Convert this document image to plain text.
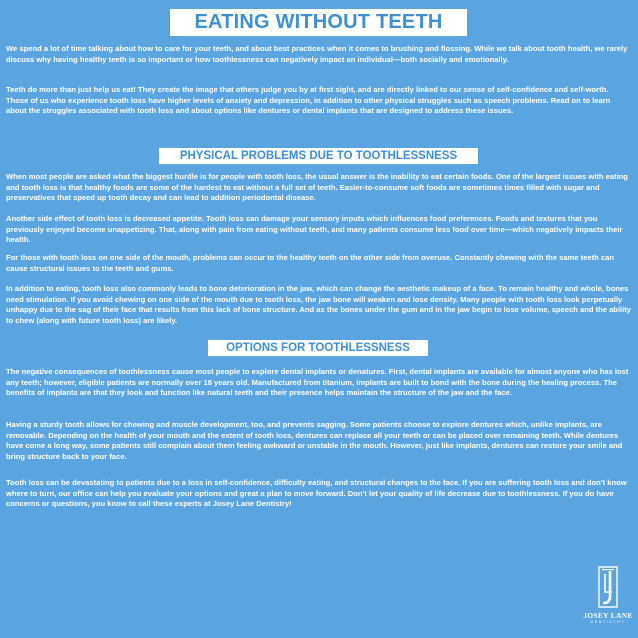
EATING WITHOUT TEETH

We spend a lot of time talking about how to care for your teeth, and about best practices when it comes to brushing and flossing. While we talk about tooth health, we rarely discuss why having healthy teeth is so important or how toothlessness can negatively impact an individual—both socially and emotionally.

Teeth do more than just help us eat! They create the image that others judge you by at first sight, and are directly linked to our sense of self-confidence and self-worth. Those of us who experience tooth loss have higher levels of anxiety and depression, in addition to other physical struggles such as speech problems. Read on to learn about the struggles associated with tooth loss and about options like dentures or dental implants that are designed to address these issues.

PHYSICAL PROBLEMS DUE TO TOOTHLESSNESS

When most people are asked what the biggest hurdle is for people with tooth loss, the usual answer is the inability to eat certain foods. One of the largest issues with eating and tooth loss is that healthy foods are some of the hardest to eat without a full set of teeth. Easier-to-consume soft foods are sometimes times filled with sugar and preservatives that speed up tooth decay and can lead to addition periodontal disease.

Another side effect of tooth loss is decreased appetite. Tooth loss can damage your sensory inputs which influences food preferences. Foods and textures that you previously enjoyed become unappetizing. That, along with pain from eating without teeth, and many patients consume less food over time—which negatively impacts their health.

For those with tooth loss on one side of the mouth, problems can occur to the healthy teeth on the other side from overuse. Constantly chewing with the same teeth can cause structural issues to the teeth and gums.

In addition to eating, tooth loss also commonly leads to bone deterioration in the jaw, which can change the aesthetic makeup of a face. To remain healthy and whole, bones need stimulation. If you avoid chewing on one side of the mouth due to tooth loss, the jaw bone will weaken and lose density. Many people with tooth loss look perpetually unhappy due to the sag of their face that results from this lack of bone structure. And as the bones under the gum and in the jaw begin to lose volume, speech and the ability to chew (along with future tooth loss) are likely.

OPTIONS FOR TOOTHLESSNESS

The negative consequences of toothlessness cause most people to explore dental implants or denatures. First, dental implants are available for almost anyone who has lost any teeth; however, eligible patients are normally over 18 years old. Manufactured from titanium, implants are built to bond with the bone during the healing process. The benefits of implants are that they look and function like natural teeth and their presence helps maintain the structure of the jaw and the face.

Having a sturdy tooth allows for chewing and muscle development, too, and prevents sagging. Some patients choose to explore dentures which, unlike implants, are removable. Depending on the health of your mouth and the extent of tooth loss, dentures can replace all your teeth or can be placed over remaining teeth. While dentures have come a long way, some patients still complain about them feeling awkward or unstable in the mouth. However, just like implants, dentures can restore your smile and bring structure back to your face.

Tooth loss can be devastating to patients due to a loss in self-confidence, difficulty eating, and structural changes to the face. If you are suffering tooth loss and don't know where to turn, our office can help you evaluate your options and great a plan to move forward. Don't let your quality of life decrease due to toothlessness. If you do have concerns or questions, you know to call these experts at Josey Lane Dentistry!

JOSEY LANE
DENTISTRY
